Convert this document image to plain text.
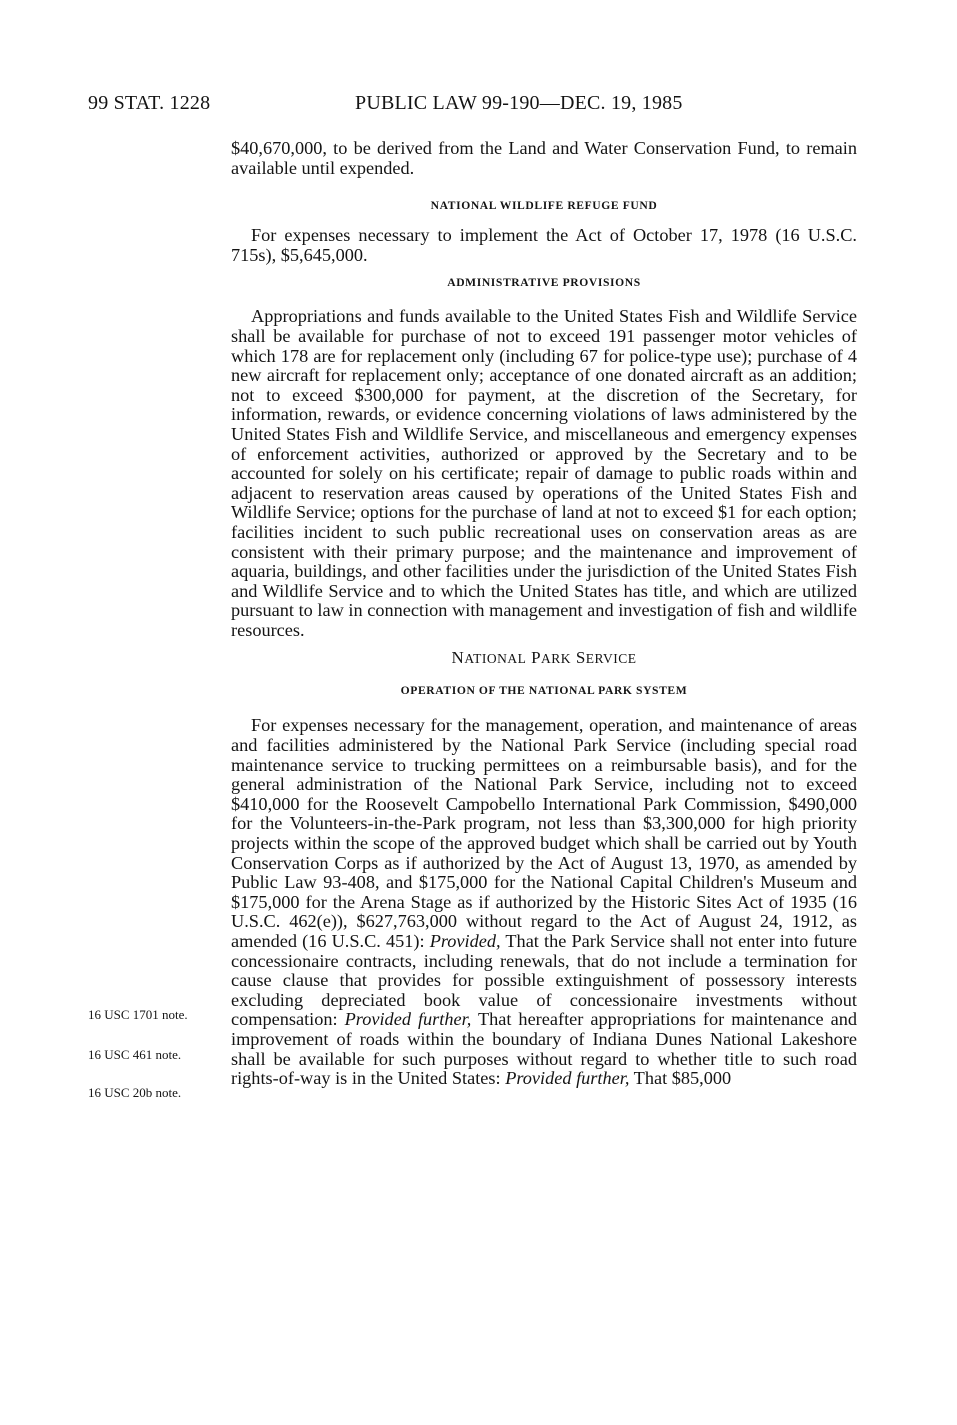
99 STAT. 1228	PUBLIC LAW 99-190—DEC. 19, 1985

$40,670,000, to be derived from the Land and Water Conservation Fund, to remain available until expended.

NATIONAL WILDLIFE REFUGE FUND

For expenses necessary to implement the Act of October 17, 1978 (16 U.S.C. 715s), $5,645,000.

ADMINISTRATIVE PROVISIONS

Appropriations and funds available to the United States Fish and Wildlife Service shall be available for purchase of not to exceed 191 passenger motor vehicles of which 178 are for replacement only (including 67 for police-type use); purchase of 4 new aircraft for replacement only; acceptance of one donated aircraft as an addition; not to exceed $300,000 for payment, at the discretion of the Secretary, for information, rewards, or evidence concerning violations of laws administered by the United States Fish and Wildlife Service, and miscellaneous and emergency expenses of enforcement activities, authorized or approved by the Secretary and to be accounted for solely on his certificate; repair of damage to public roads within and adjacent to reservation areas caused by operations of the United States Fish and Wildlife Service; options for the purchase of land at not to exceed $1 for each option; facilities incident to such public recreational uses on conservation areas as are consistent with their primary purpose; and the maintenance and improvement of aquaria, buildings, and other facilities under the jurisdiction of the United States Fish and Wildlife Service and to which the United States has title, and which are utilized pursuant to law in connection with management and investigation of fish and wildlife resources.

NATIONAL PARK SERVICE
OPERATION OF THE NATIONAL PARK SYSTEM

For expenses necessary for the management, operation, and maintenance of areas and facilities administered by the National Park Service (including special road maintenance service to trucking permittees on a reimbursable basis), and for the general administration of the National Park Service, including not to exceed $410,000 for the Roosevelt Campobello International Park Commission, $490,000 for the Volunteers-in-the-Park program, not less than $3,300,000 for high priority projects within the scope of the approved budget which shall be carried out by Youth Conservation Corps as if authorized by the Act of August 13, 1970, as amended by Public Law 93-408, and $175,000 for the National Capital Children's Museum and $175,000 for the Arena Stage as if authorized by the Historic Sites Act of 1935 (16 U.S.C. 462(e)), $627,763,000 without regard to the Act of August 24, 1912, as amended (16 U.S.C. 451): Provided, That the Park Service shall not enter into future concessionaire contracts, including renewals, that do not include a termination for cause clause that provides for possible extinguishment of possessory interests excluding depreciated book value of concessionaire investments without compensation: Provided further, That hereafter appropriations for maintenance and improvement of roads within the boundary of Indiana Dunes National Lakeshore shall be available for such purposes without regard to whether title to such road rights-of-way is in the United States: Provided further, That $85,000

16 USC 1701 note.
16 USC 461 note.
16 USC 20b note.
